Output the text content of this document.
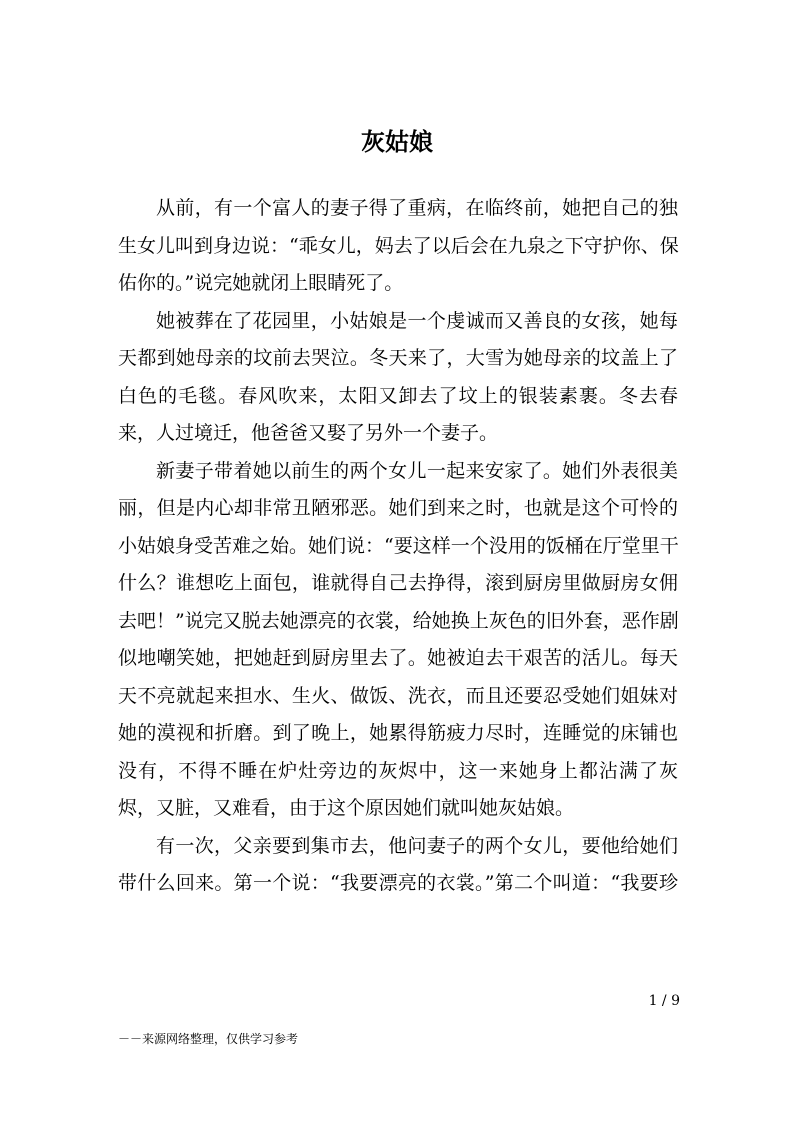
灰姑娘

从前，有一个富人的妻子得了重病，在临终前，她把自己的独
生女儿叫到身边说：“乖女儿，妈去了以后会在九泉之下守护你、保
佑你的。”说完她就闭上眼睛死了。

她被葬在了花园里，小姑娘是一个虔诚而又善良的女孩，她每
天都到她母亲的坟前去哭泣。冬天来了，大雪为她母亲的坟盖上了
白色的毛毯。春风吹来，太阳又卸去了坟上的银装素裹。冬去春
来，人过境迁，他爸爸又娶了另外一个妻子。

新妻子带着她以前生的两个女儿一起来安家了。她们外表很美
丽，但是内心却非常丑陋邪恶。她们到来之时，也就是这个可怜的
小姑娘身受苦难之始。她们说：“要这样一个没用的饭桶在厅堂里干
什么？谁想吃上面包，谁就得自己去挣得，滚到厨房里做厨房女佣
去吧！”说完又脱去她漂亮的衣裳，给她换上灰色的旧外套，恶作剧
似地嘲笑她，把她赶到厨房里去了。她被迫去干艰苦的活儿。每天
天不亮就起来担水、生火、做饭、洗衣，而且还要忍受她们姐妹对
她的漠视和折磨。到了晚上，她累得筋疲力尽时，连睡觉的床铺也
没有，不得不睡在炉灶旁边的灰烬中，这一来她身上都沾满了灰
烬，又脏，又难看，由于这个原因她们就叫她灰姑娘。

有一次，父亲要到集市去，他问妻子的两个女儿，要他给她们
带什么回来。第一个说：“我要漂亮的衣裳。”第二个叫道：“我要珍

1 / 9
－－来源网络整理，仅供学习参考
